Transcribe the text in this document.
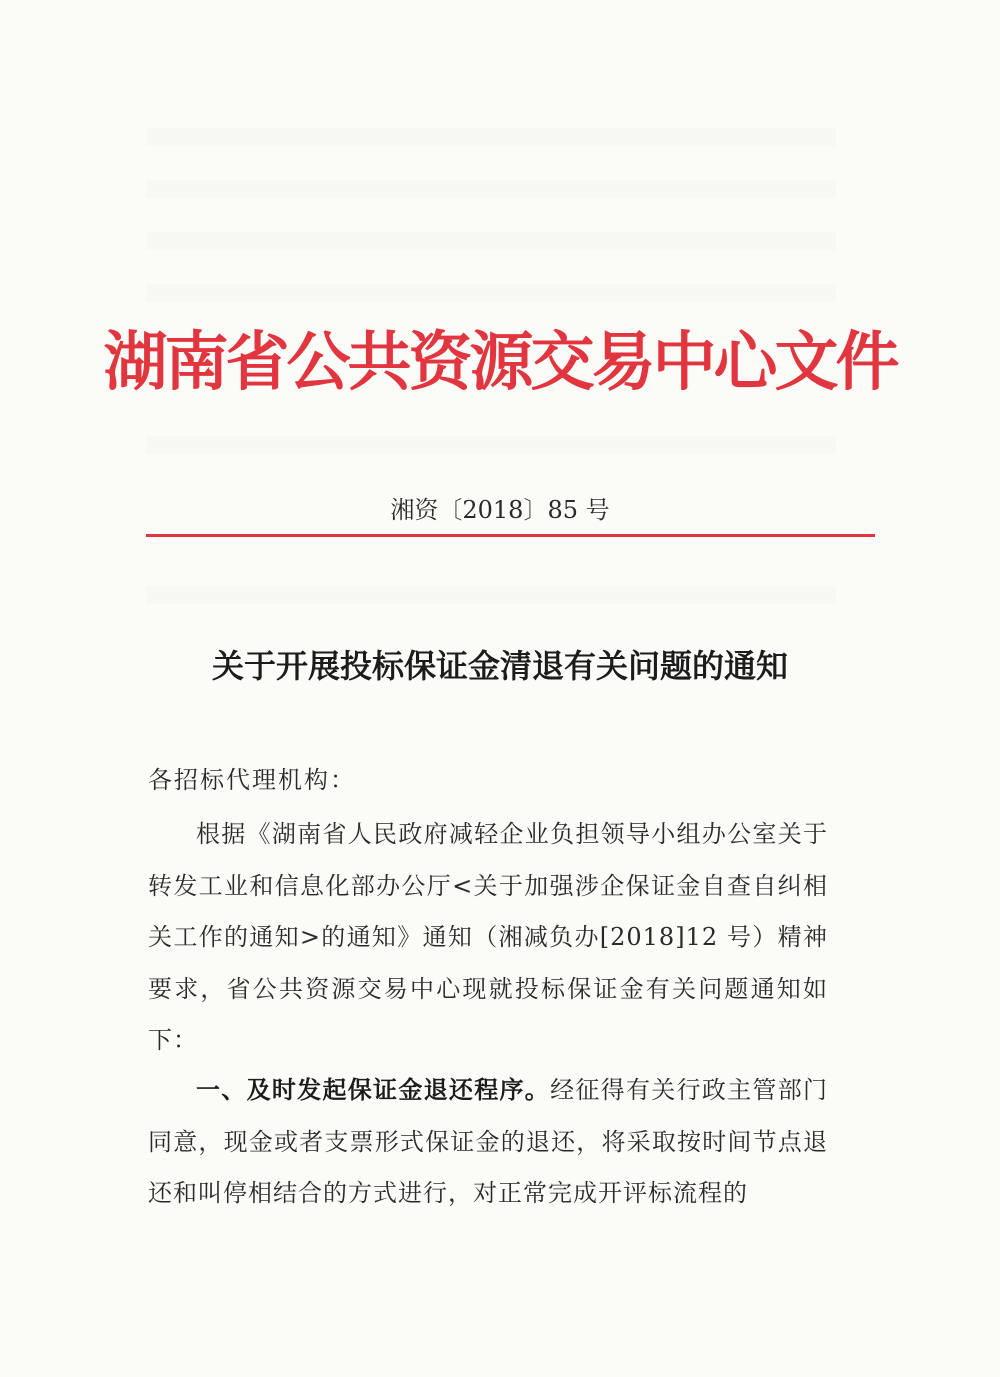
湖南省公共资源交易中心文件
湘资〔2018〕85 号
关于开展投标保证金清退有关问题的通知
各招标代理机构：

根据《湖南省人民政府减轻企业负担领导小组办公室关于转发工业和信息化部办公厅<关于加强涉企保证金自查自纠相关工作的通知>的通知》通知（湘减负办[2018]12 号）精神要求，省公共资源交易中心现就投标保证金有关问题通知如下：

一、及时发起保证金退还程序。经征得有关行政主管部门同意，现金或者支票形式保证金的退还，将采取按时间节点退还和叫停相结合的方式进行，对正常完成开评标流程的
